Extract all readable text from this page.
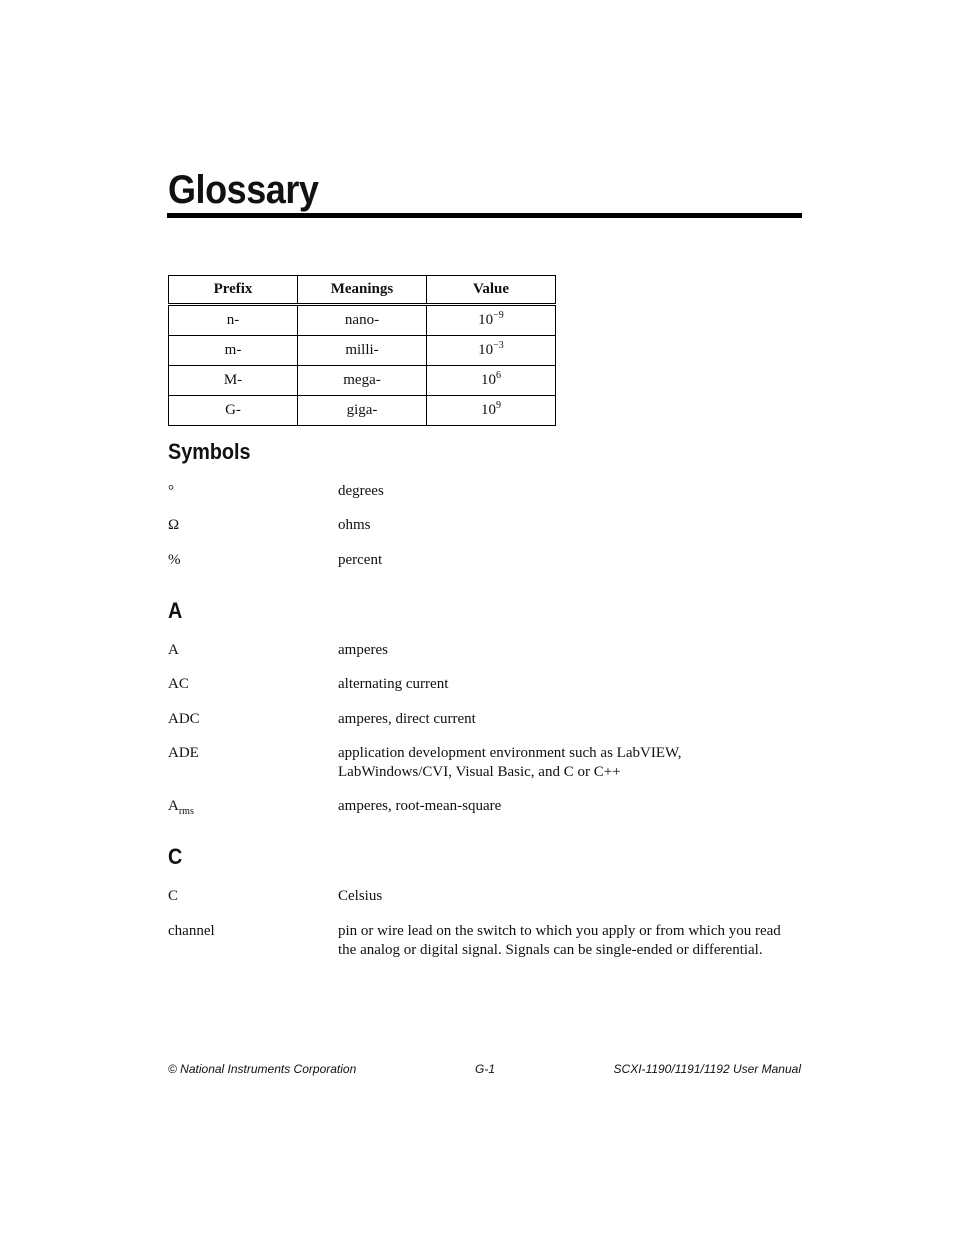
Glossary
Prefix	Meanings	Value
n-	nano-	$10^{-9}$
m-	milli-	$10^{-3}$
M-	mega-	$10^6$
G-	giga-	$10^9$
Symbols
°	degrees
Ω	ohms
%	percent
A
A	amperes
AC	alternating current
ADC	amperes, direct current
ADE	application development environment such as LabVIEW,
LabWindows/CVI, Visual Basic, and C or C++
$A_{rms}$	amperes, root-mean-square
C
C	Celsius
channel	pin or wire lead on the switch to which you apply or from which you read
the analog or digital signal. Signals can be single-ended or differential.
© National Instruments Corporation	G-1	SCXI-1190/1191/1192 User Manual
